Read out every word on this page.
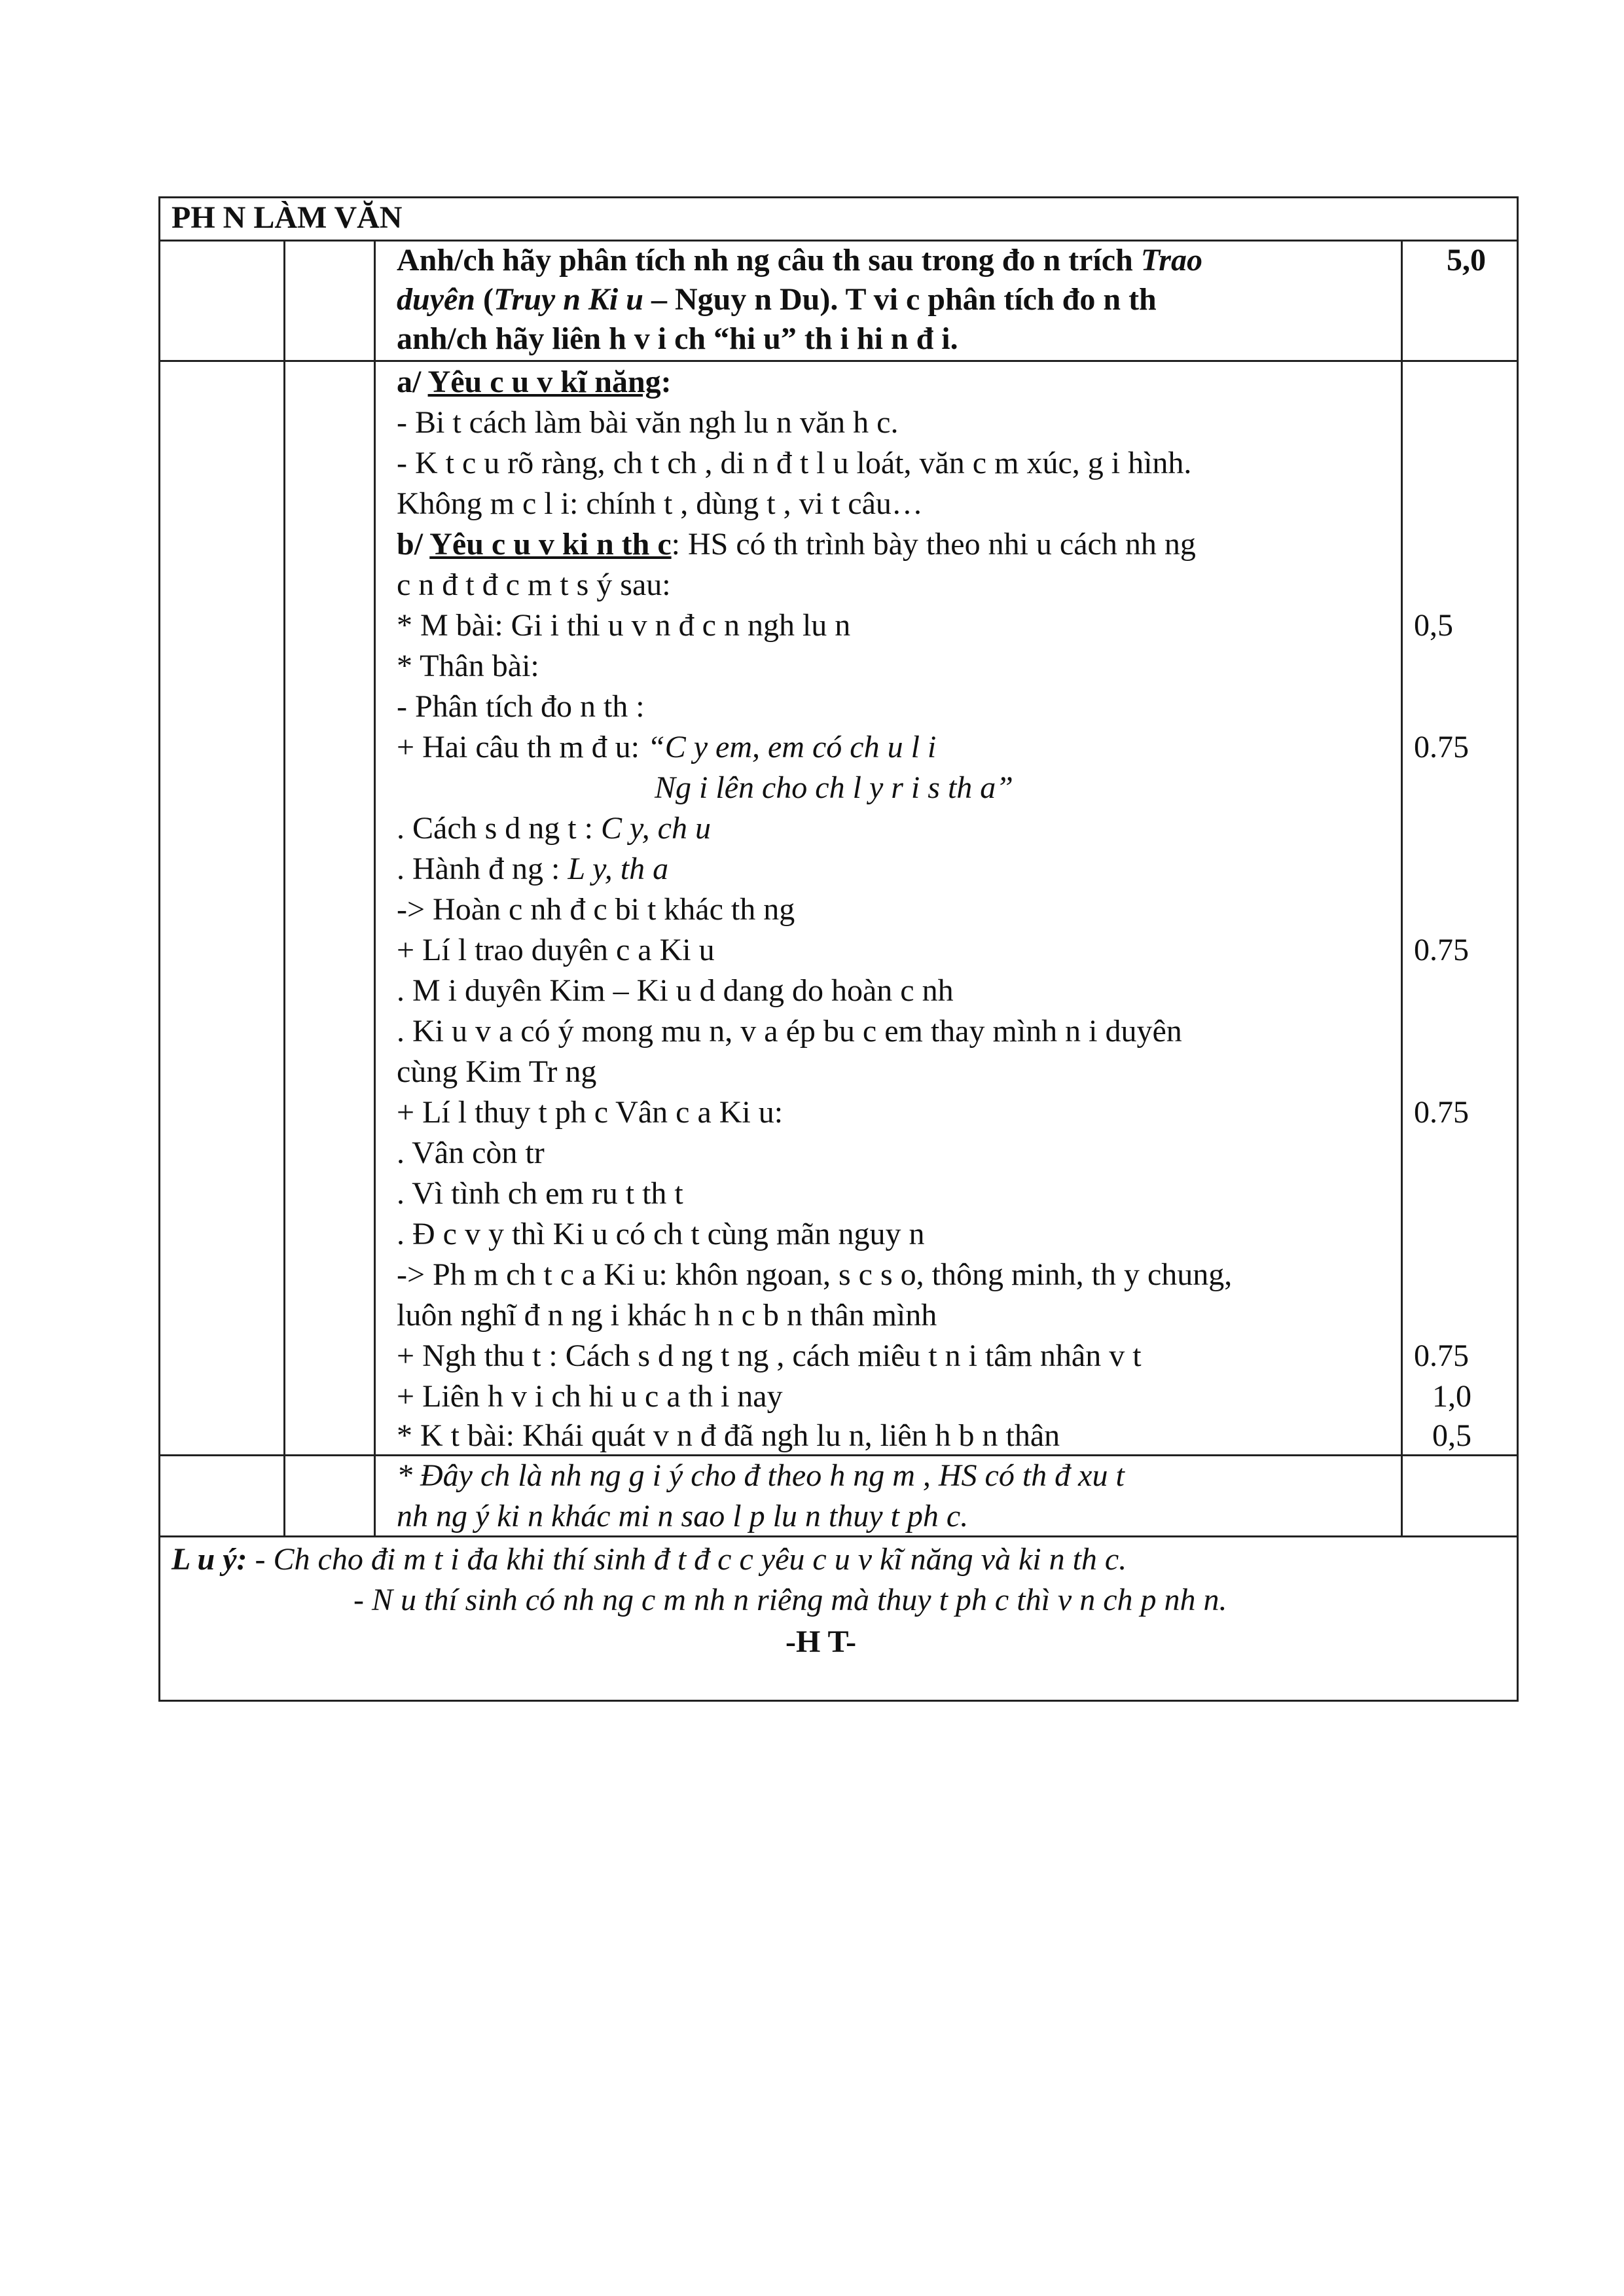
PH N LÀM VĂN
Anh/ch hãy phân tích nh ng câu th sau trong đo n trích Trao
duyên (Truy n Ki u – Nguy n Du). T vi c phân tích đo n th
anh/ch hãy liên h v i ch “hi u” th i hi n đ i.
5,0
a/ Yêu c u v kĩ năng:
- Bi t cách làm bài văn ngh lu n văn h c.
- K t c u rõ ràng, ch t ch , di n đ t l u loát, văn c m xúc, g i hình.
Không m c l i: chính t , dùng t , vi t câu…
b/ Yêu c u v ki n th c: HS có th trình bày theo nhi u cách nh ng
c n đ t đ c m t s ý sau:
* M bài: Gi i thi u v n đ c n ngh lu n
* Thân bài:
- Phân tích đo n th :
+ Hai câu th m đ u: “C y em, em có ch u l i
Ng i lên cho ch l y r i s th a”
. Cách s d ng t : C y, ch u
. Hành đ ng : L y, th a
-> Hoàn c nh đ c bi t khác th ng
+ Lí l trao duyên c a Ki u
. M i duyên Kim – Ki u d dang do hoàn c nh
. Ki u v a có ý mong mu n, v a ép bu c em thay mình n i duyên
cùng Kim Tr ng
+ Lí l thuy t ph c Vân c a Ki u:
. Vân còn tr
. Vì tình ch em ru t th t
. Đ c v y thì Ki u có ch t cùng mãn nguy n
-> Ph m ch t c a Ki u: khôn ngoan, s c s o, thông minh, th y chung,
luôn nghĩ đ n ng i khác h n c b n thân mình
+ Ngh thu t : Cách s d ng t ng , cách miêu t n i tâm nhân v t
+ Liên h v i ch hi u c a th i nay
* K t bài: Khái quát v n đ đã ngh lu n, liên h b n thân
0,5
0.75
0.75
0.75
0.75
1,0
0,5
* Đây ch là nh ng g i ý cho đ theo h ng m , HS có th đ xu t
nh ng ý ki n khác mi n sao l p lu n thuy t ph c.
L u ý: - Ch cho đi m t i đa khi thí sinh đ t đ c c yêu c u v kĩ năng và ki n th c.
- N u thí sinh có nh ng c m nh n riêng mà thuy t ph c thì v n ch p nh n.
-H T-
